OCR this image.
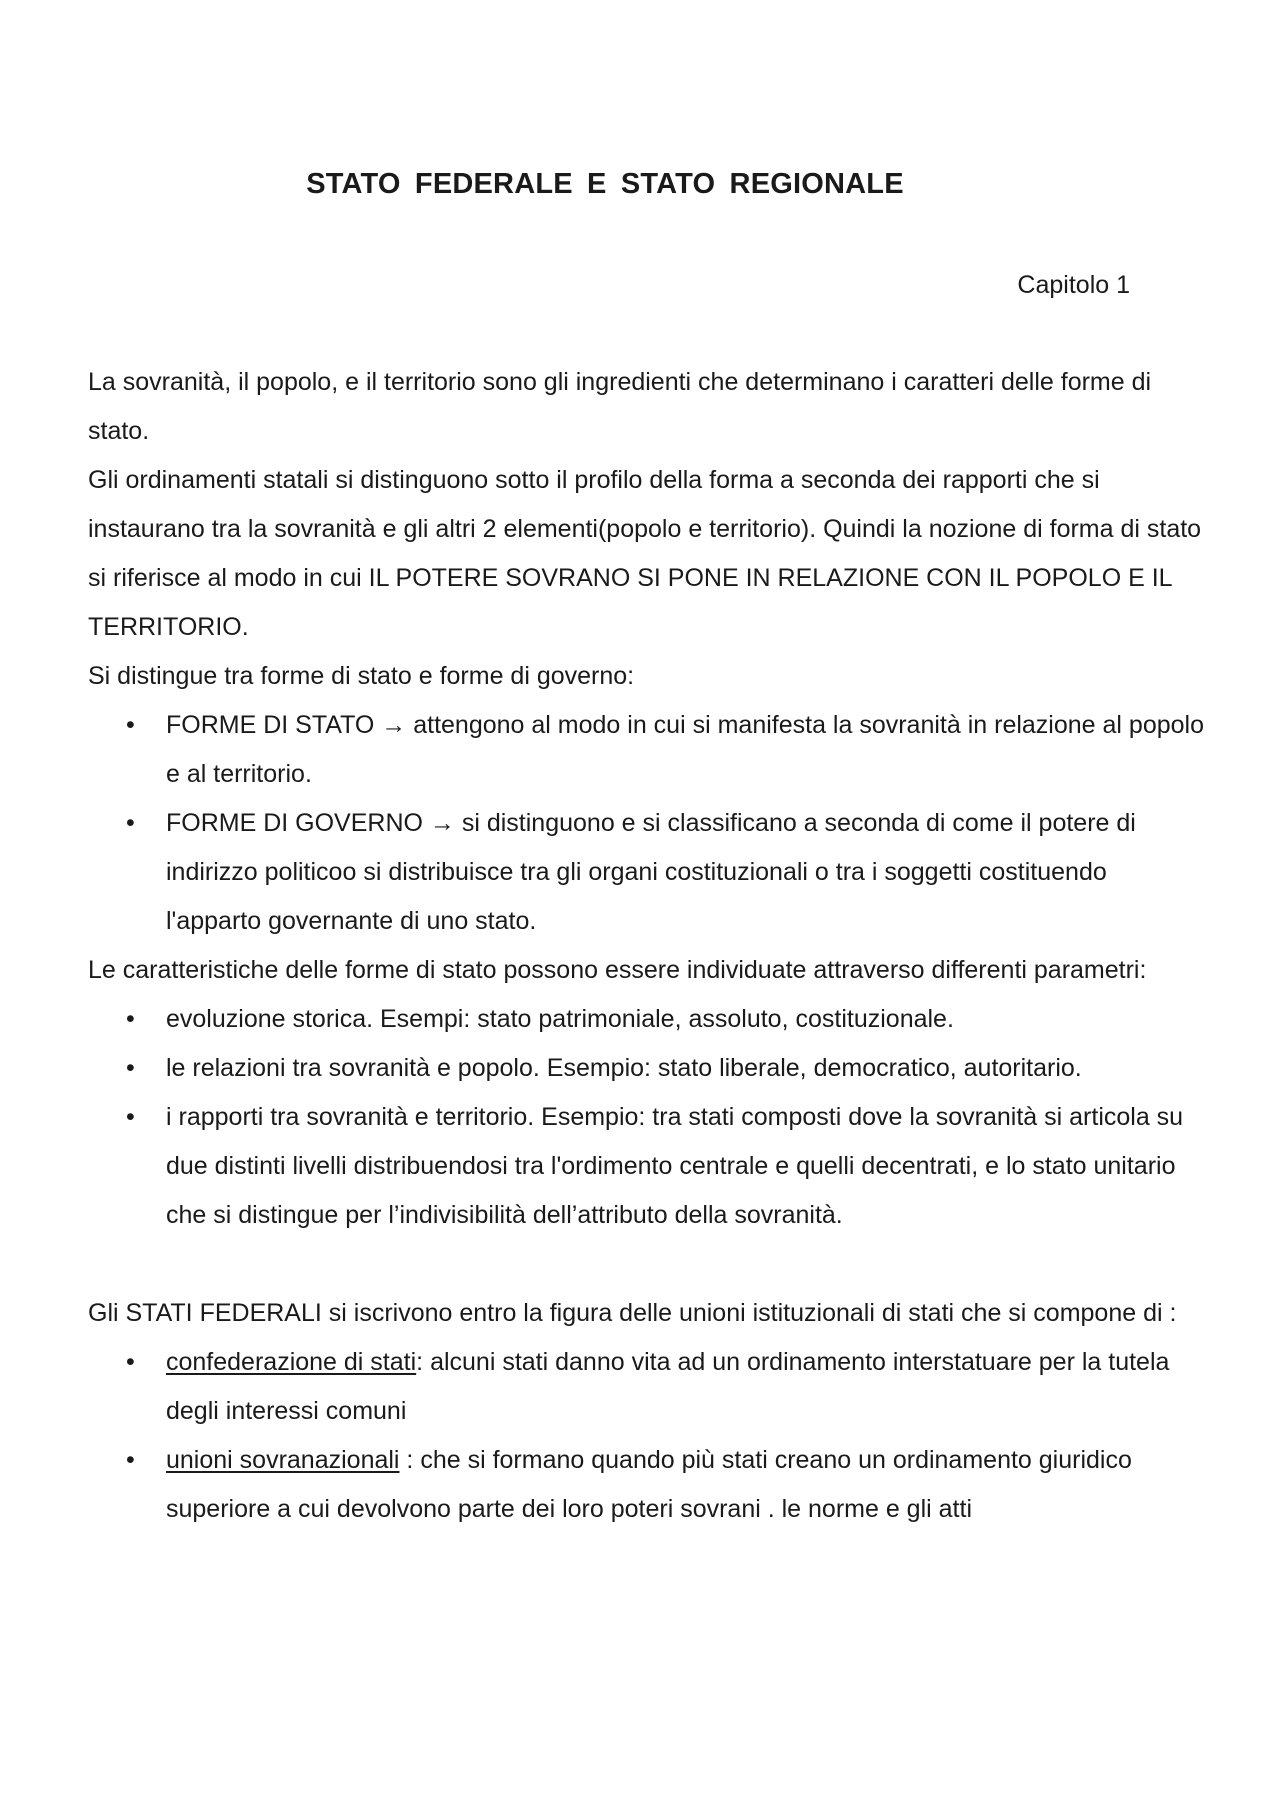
STATO FEDERALE E STATO REGIONALE

Capitolo 1

La sovranità, il popolo, e il territorio sono gli ingredienti che determinano i caratteri delle forme di stato.

Gli ordinamenti statali si distinguono sotto il profilo della forma a seconda dei rapporti che si instaurano tra la sovranità e gli altri 2 elementi(popolo e territorio). Quindi la nozione di forma di stato si riferisce al modo in cui IL POTERE SOVRANO SI PONE IN RELAZIONE CON IL POPOLO E IL TERRITORIO.

Si distingue tra forme di stato e forme di governo:

• FORME DI STATO → attengono al modo in cui si manifesta la sovranità in relazione al popolo e al territorio.
• FORME DI GOVERNO → si distinguono e si classificano a seconda di come il potere di indirizzo politicoo si distribuisce tra gli organi costituzionali o tra i soggetti costituendo l'apparto governante di uno stato.

Le caratteristiche delle forme di stato possono essere individuate attraverso differenti parametri:

• evoluzione storica. Esempi: stato patrimoniale, assoluto, costituzionale.
• le relazioni tra sovranità e popolo. Esempio: stato liberale, democratico, autoritario.
• i rapporti tra sovranità e territorio. Esempio: tra stati composti dove la sovranità si articola su due distinti livelli distribuendosi tra l'ordimento centrale e quelli decentrati, e lo stato unitario che si distingue per l’indivisibilità dell’attributo della sovranità.

Gli STATI FEDERALI si iscrivono entro la figura delle unioni istituzionali di stati che si compone di :

• confederazione di stati: alcuni stati danno vita ad un ordinamento interstatuare per la tutela degli interessi comuni
• unioni sovranazionali : che si formano quando più stati creano un ordinamento giuridico superiore a cui devolvono parte dei loro poteri sovrani . le norme e gli atti
